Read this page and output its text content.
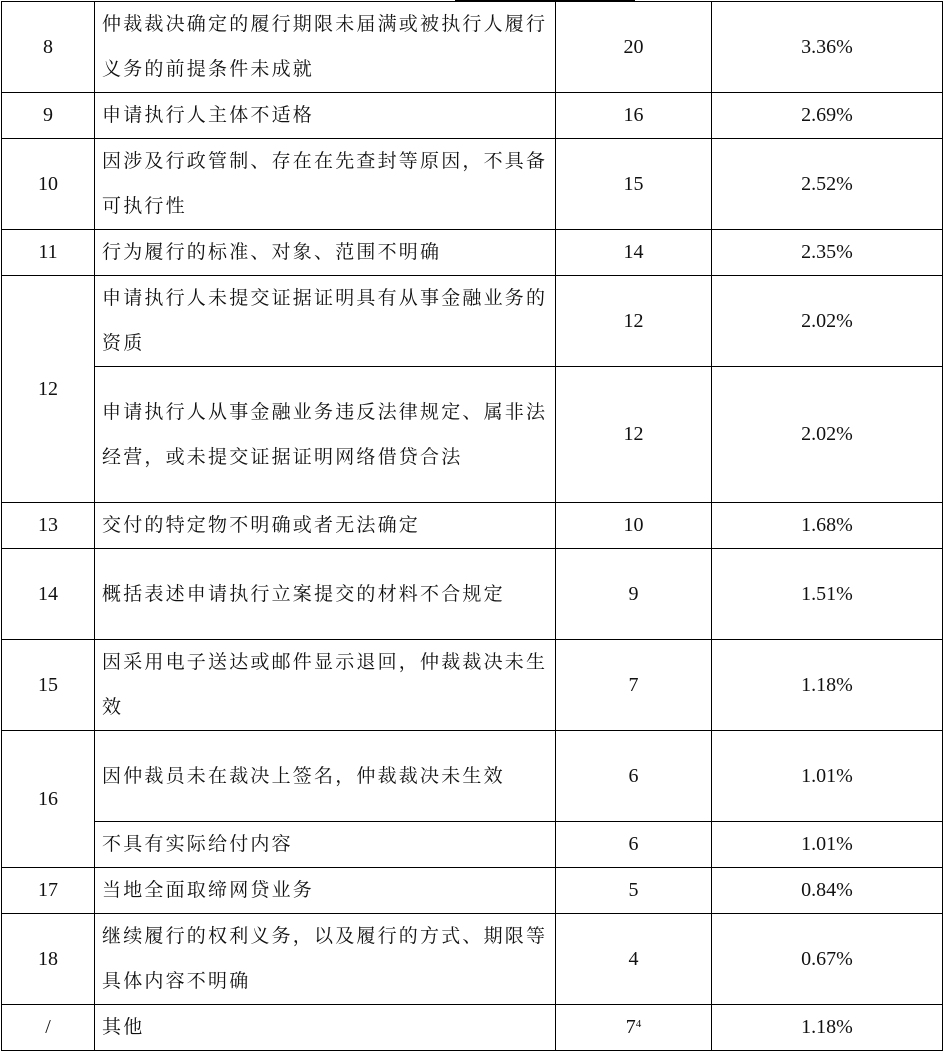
8	仲裁裁决确定的履行期限未届满或被执行人履行义务的前提条件未成就	20	3.36%
9	申请执行人主体不适格	16	2.69%
10	因涉及行政管制、存在在先查封等原因，不具备可执行性	15	2.52%
11	行为履行的标准、对象、范围不明确	14	2.35%
12	申请执行人未提交证据证明具有从事金融业务的资质	12	2.02%
	申请执行人从事金融业务违反法律规定、属非法经营，或未提交证据证明网络借贷合法	12	2.02%
13	交付的特定物不明确或者无法确定	10	1.68%
14	概括表述申请执行立案提交的材料不合规定	9	1.51%
15	因采用电子送达或邮件显示退回，仲裁裁决未生效	7	1.18%
16	因仲裁员未在裁决上签名，仲裁裁决未生效	6	1.01%
	不具有实际给付内容	6	1.01%
17	当地全面取缔网贷业务	5	0.84%
18	继续履行的权利义务，以及履行的方式、期限等具体内容不明确	4	0.67%
/	其他	$7^4$	1.18%
